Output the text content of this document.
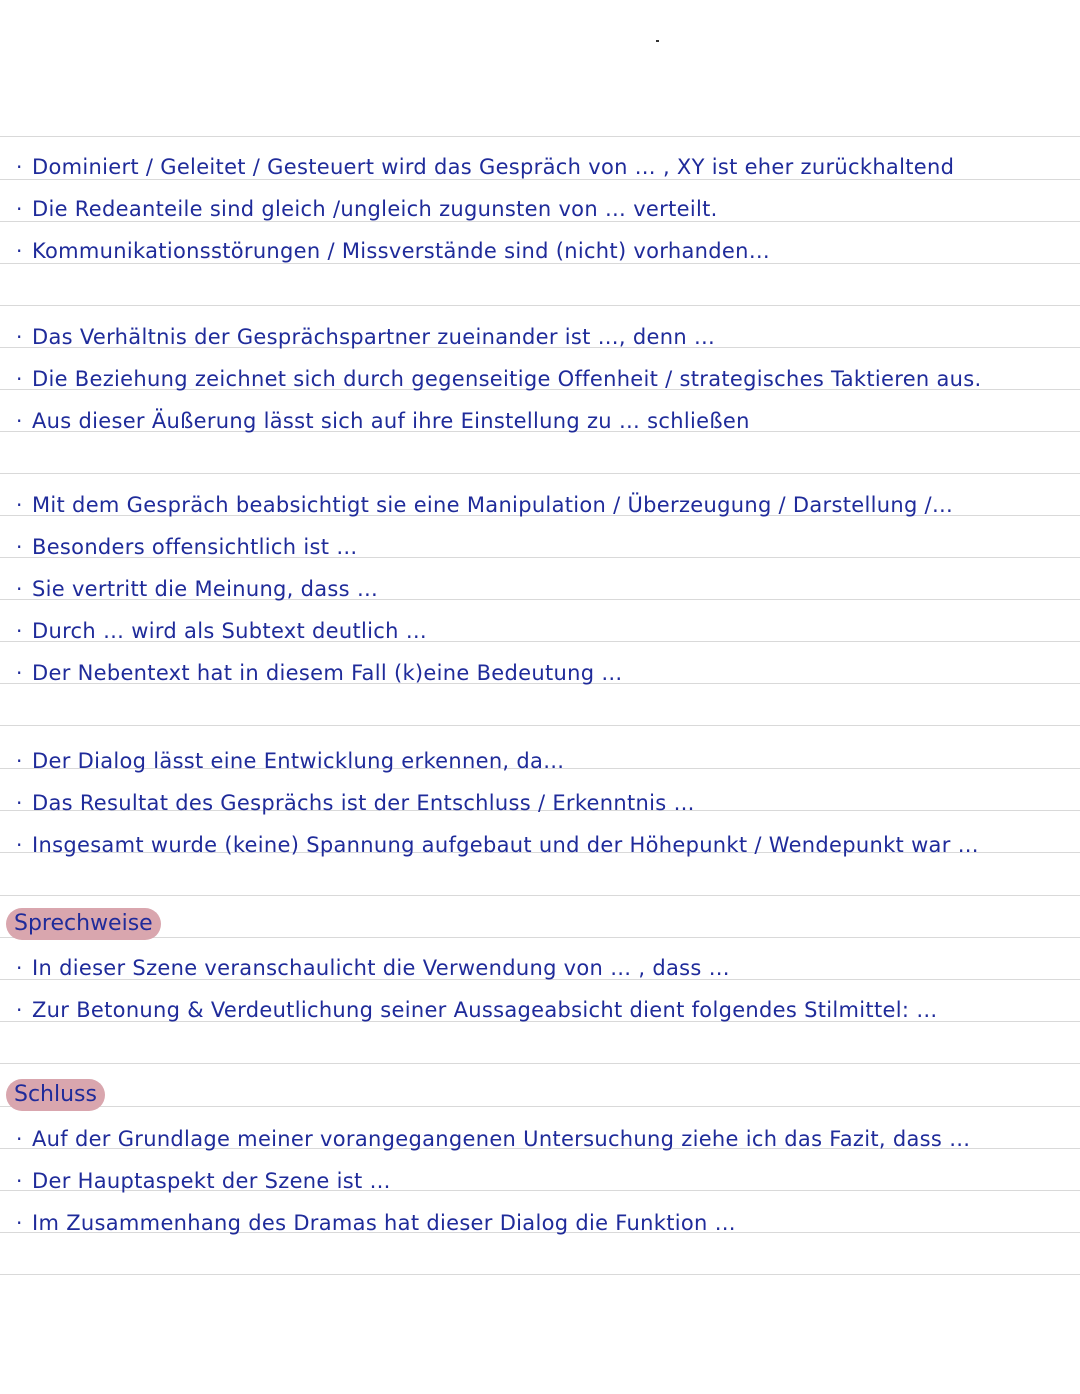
· Dominiert / Geleitet / Gesteuert wird das Gespräch von … , XY ist eher zurückhaltend
· Die Redeanteile sind gleich /ungleich zugunsten von … verteilt.
· Kommunikationsstörungen / Missverstände sind (nicht) vorhanden…
· Das Verhältnis der Gesprächspartner zueinander ist …, denn …
· Die Beziehung zeichnet sich durch gegenseitige Offenheit / strategisches Taktieren aus.
· Aus dieser Äußerung lässt sich auf ihre Einstellung zu … schließen
· Mit dem Gespräch beabsichtigt sie eine Manipulation / Überzeugung / Darstellung /…
· Besonders offensichtlich ist …
· Sie vertritt die Meinung, dass …
· Durch … wird als Subtext deutlich …
· Der Nebentext hat in diesem Fall (k)eine Bedeutung …
· Der Dialog lässt eine Entwicklung erkennen, da…
· Das Resultat des Gesprächs ist der Entschluss / Erkenntnis …
· Insgesamt wurde (keine) Spannung aufgebaut und der Höhepunkt / Wendepunkt war …
Sprechweise
· In dieser Szene veranschaulicht die Verwendung von … , dass …
· Zur Betonung & Verdeutlichung seiner Aussageabsicht dient folgendes Stilmittel: …
Schluss
· Auf der Grundlage meiner vorangegangenen Untersuchung ziehe ich das Fazit, dass …
· Der Hauptaspekt der Szene ist …
· Im Zusammenhang des Dramas hat dieser Dialog die Funktion …
